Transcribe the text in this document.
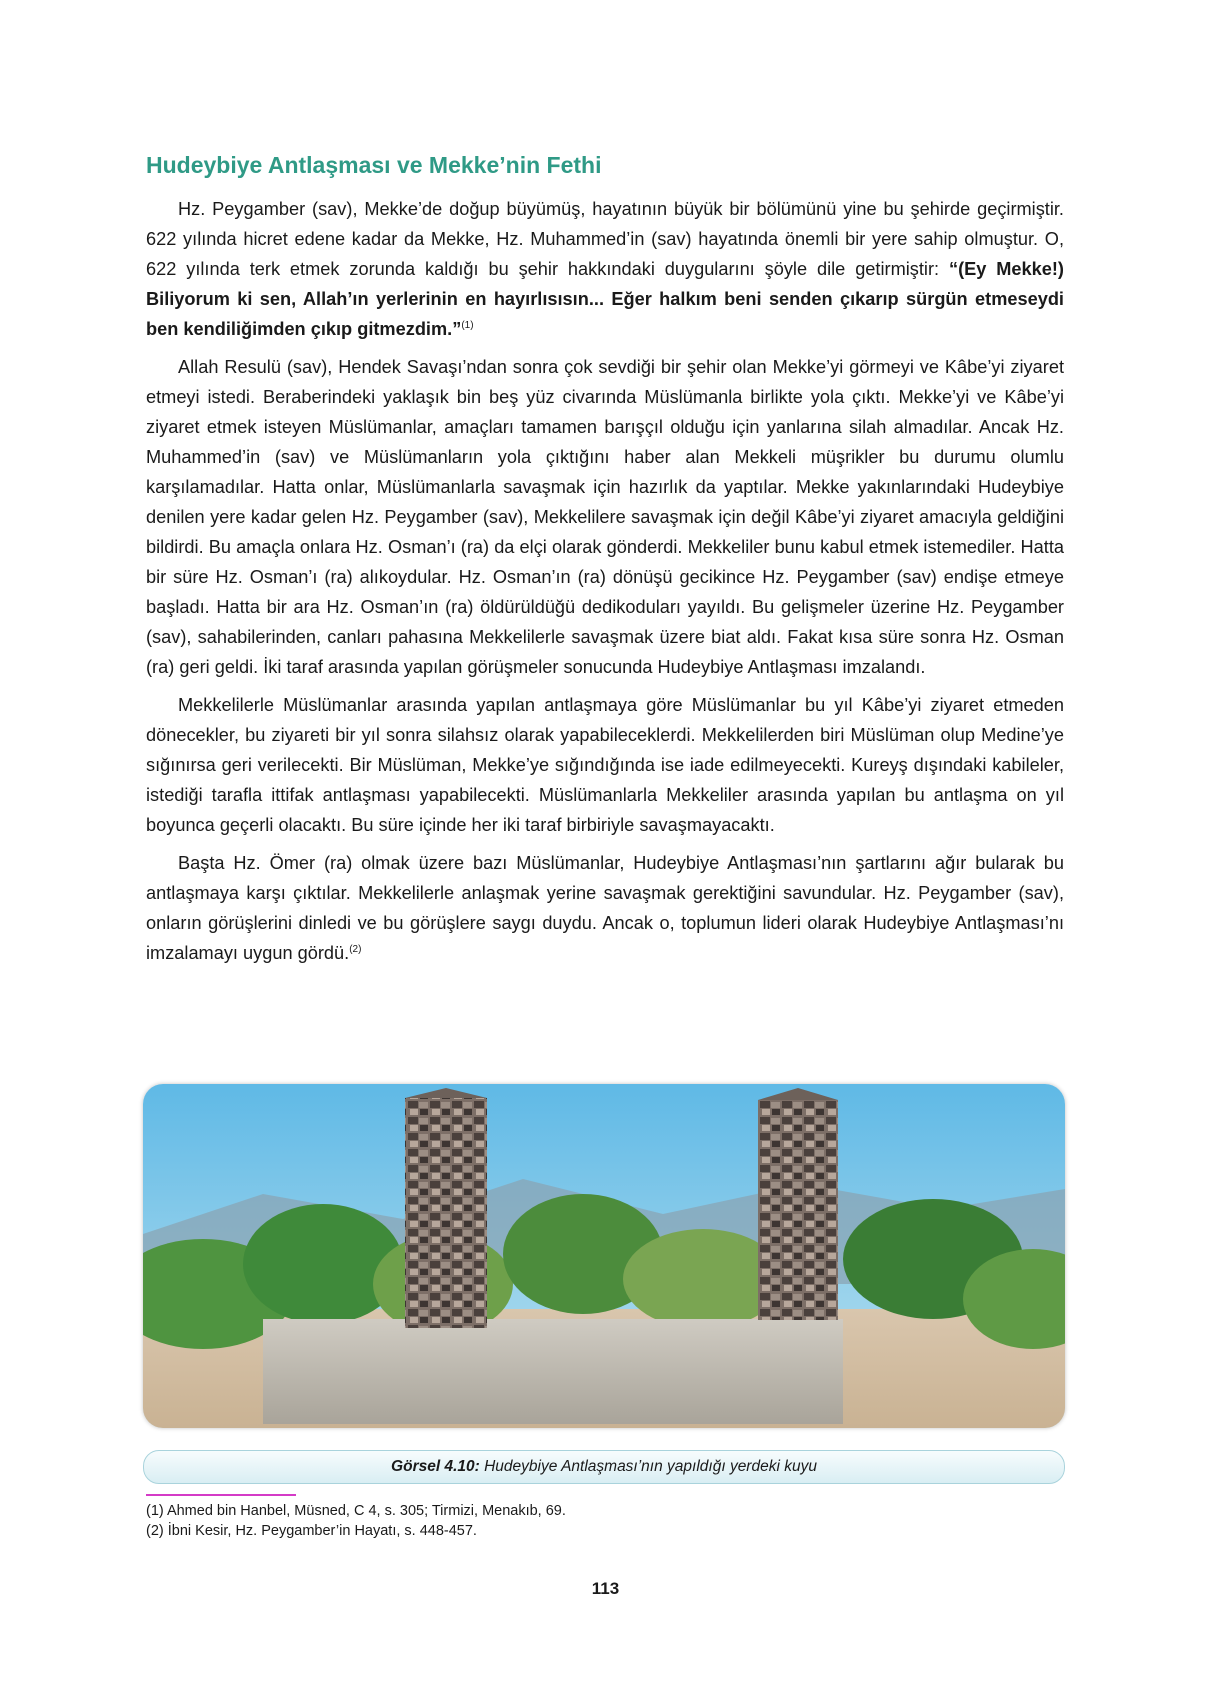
Hudeybiye Antlaşması ve Mekke’nin Fethi

Hz. Peygamber (sav), Mekke’de doğup büyümüş, hayatının büyük bir bölümünü yine bu şehirde geçirmiştir. 622 yılında hicret edene kadar da Mekke, Hz. Muhammed’in (sav) hayatında önemli bir yere sahip olmuştur. O, 622 yılında terk etmek zorunda kaldığı bu şehir hakkındaki duygularını şöyle dile getirmiştir: “(Ey Mekke!) Biliyorum ki sen, Allah’ın yerlerinin en hayırlısısın... Eğer halkım beni senden çıkarıp sürgün etmeseydi ben kendiliğimden çıkıp gitmezdim.”$^{(1)}$

Allah Resulü (sav), Hendek Savaşı’ndan sonra çok sevdiği bir şehir olan Mekke’yi görmeyi ve Kâbe’yi ziyaret etmeyi istedi. Beraberindeki yaklaşık bin beş yüz civarında Müslümanla birlikte yola çıktı. Mekke’yi ve Kâbe’yi ziyaret etmek isteyen Müslümanlar, amaçları tamamen barışçıl olduğu için yanlarına silah almadılar. Ancak Hz. Muhammed’in (sav) ve Müslümanların yola çıktığını haber alan Mekkeli müşrikler bu durumu olumlu karşılamadılar. Hatta onlar, Müslümanlarla savaşmak için hazırlık da yaptılar. Mekke yakınlarındaki Hudeybiye denilen yere kadar gelen Hz. Peygamber (sav), Mekkelilere savaşmak için değil Kâbe’yi ziyaret amacıyla geldiğini bildirdi. Bu amaçla onlara Hz. Osman’ı (ra) da elçi olarak gönderdi. Mekkeliler bunu kabul etmek istemediler. Hatta bir süre Hz. Osman’ı (ra) alıkoydular. Hz. Osman’ın (ra) dönüşü gecikince Hz. Peygamber (sav) endişe etmeye başladı. Hatta bir ara Hz. Osman’ın (ra) öldürüldüğü dedikoduları yayıldı. Bu gelişmeler üzerine Hz. Peygamber (sav), sahabilerinden, canları pahasına Mekkelilerle savaşmak üzere biat aldı. Fakat kısa süre sonra Hz. Osman (ra) geri geldi. İki taraf arasında yapılan görüşmeler sonucunda Hudeybiye Antlaşması imzalandı.

Mekkelilerle Müslümanlar arasında yapılan antlaşmaya göre Müslümanlar bu yıl Kâbe’yi ziyaret etmeden dönecekler, bu ziyareti bir yıl sonra silahsız olarak yapabileceklerdi. Mekkelilerden biri Müslüman olup Medine’ye sığınırsa geri verilecekti. Bir Müslüman, Mekke’ye sığındığında ise iade edilmeyecekti. Kureyş dışındaki kabileler, istediği tarafla ittifak antlaşması yapabilecekti. Müslümanlarla Mekkeliler arasında yapılan bu antlaşma on yıl boyunca geçerli olacaktı. Bu süre içinde her iki taraf birbiriyle savaşmayacaktı.

Başta Hz. Ömer (ra) olmak üzere bazı Müslümanlar, Hudeybiye Antlaşması’nın şartlarını ağır bularak bu antlaşmaya karşı çıktılar. Mekkelilerle anlaşmak yerine savaşmak gerektiğini savundular. Hz. Peygamber (sav), onların görüşlerini dinledi ve bu görüşlere saygı duydu. Ancak o, toplumun lideri olarak Hudeybiye Antlaşması’nı imzalamayı uygun gördü.$^{(2)}$

Görsel 4.10: Hudeybiye Antlaşması’nın yapıldığı yerdeki kuyu
(1) Ahmed bin Hanbel, Müsned, C 4, s. 305; Tirmizi, Menakıb, 69.
(2) İbni Kesir, Hz. Peygamber’in Hayatı, s. 448-457.
113
